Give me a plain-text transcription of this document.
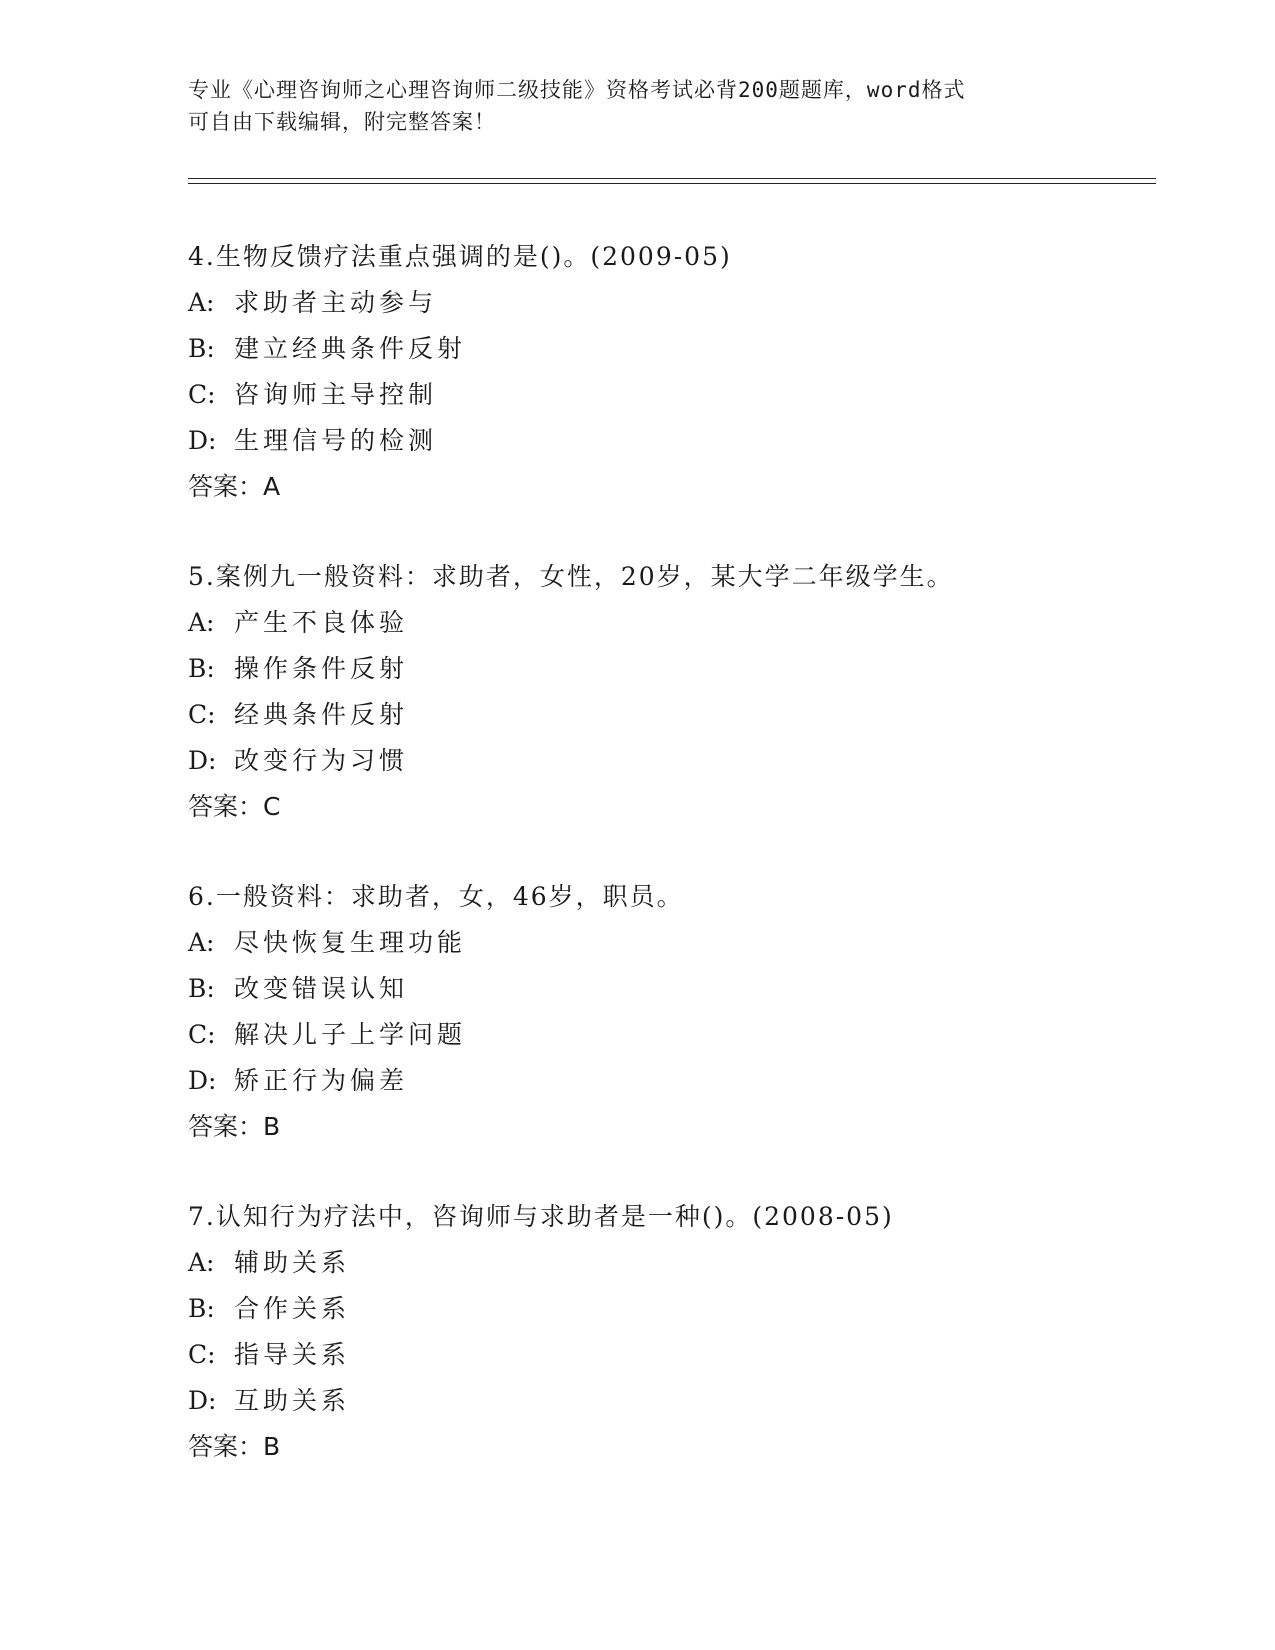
专业《心理咨询师之心理咨询师二级技能》资格考试必背200题题库，word格式
可自由下载编辑，附完整答案！
4.生物反馈疗法重点强调的是()。(2009-05)
A: 求助者主动参与
B: 建立经典条件反射
C: 咨询师主导控制
D: 生理信号的检测
答案：A
5.案例九一般资料：求助者，女性，20岁，某大学二年级学生。
A: 产生不良体验
B: 操作条件反射
C: 经典条件反射
D: 改变行为习惯
答案：C
6.一般资料：求助者，女，46岁，职员。
A: 尽快恢复生理功能
B: 改变错误认知
C: 解决儿子上学问题
D: 矫正行为偏差
答案：B
7.认知行为疗法中，咨询师与求助者是一种()。(2008-05)
A: 辅助关系
B: 合作关系
C: 指导关系
D: 互助关系
答案：B
